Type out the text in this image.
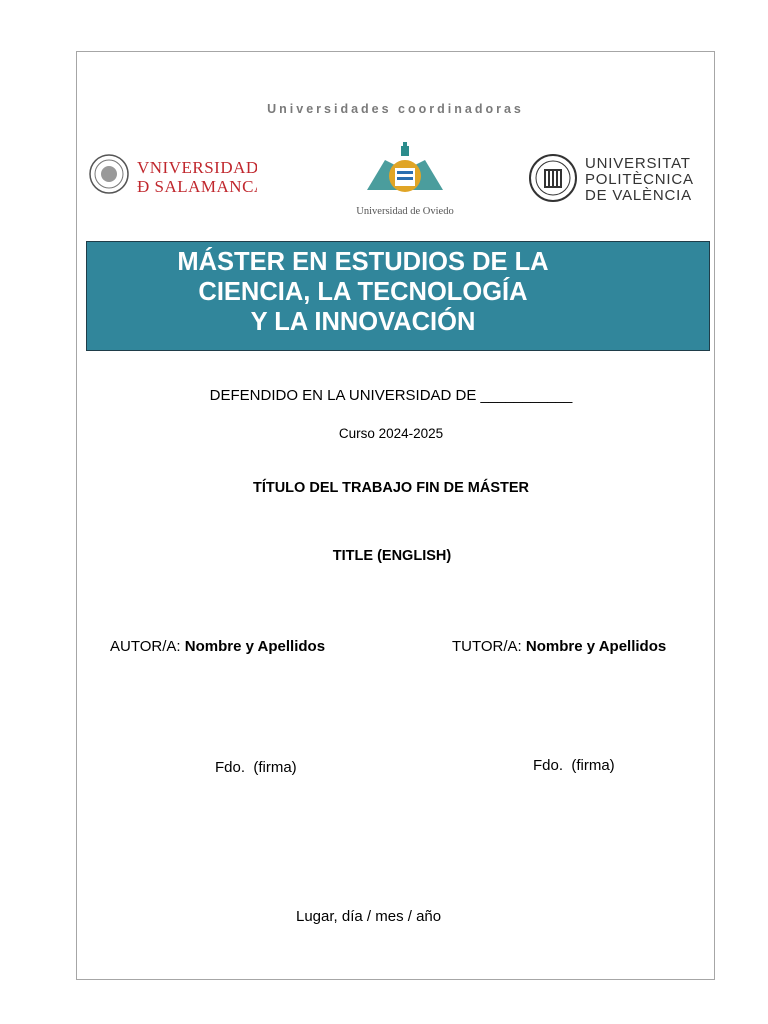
Universidades coordinadoras
VNIVERSIDAD
Ð SALAMANCA
Universidad de Oviedo
UNIVERSITAT
POLITÈCNICA
DE VALÈNCIA
MÁSTER EN ESTUDIOS DE LA
CIENCIA, LA TECNOLOGÍA
Y LA INNOVACIÓN
DEFENDIDO EN LA UNIVERSIDAD DE ___________
Curso 2024-2025
TÍTULO DEL TRABAJO FIN DE MÁSTER
TITLE (ENGLISH)
AUTOR/A: Nombre y Apellidos	TUTOR/A: Nombre y Apellidos
Fdo.  (firma)	Fdo.  (firma)
Lugar, día / mes / año
